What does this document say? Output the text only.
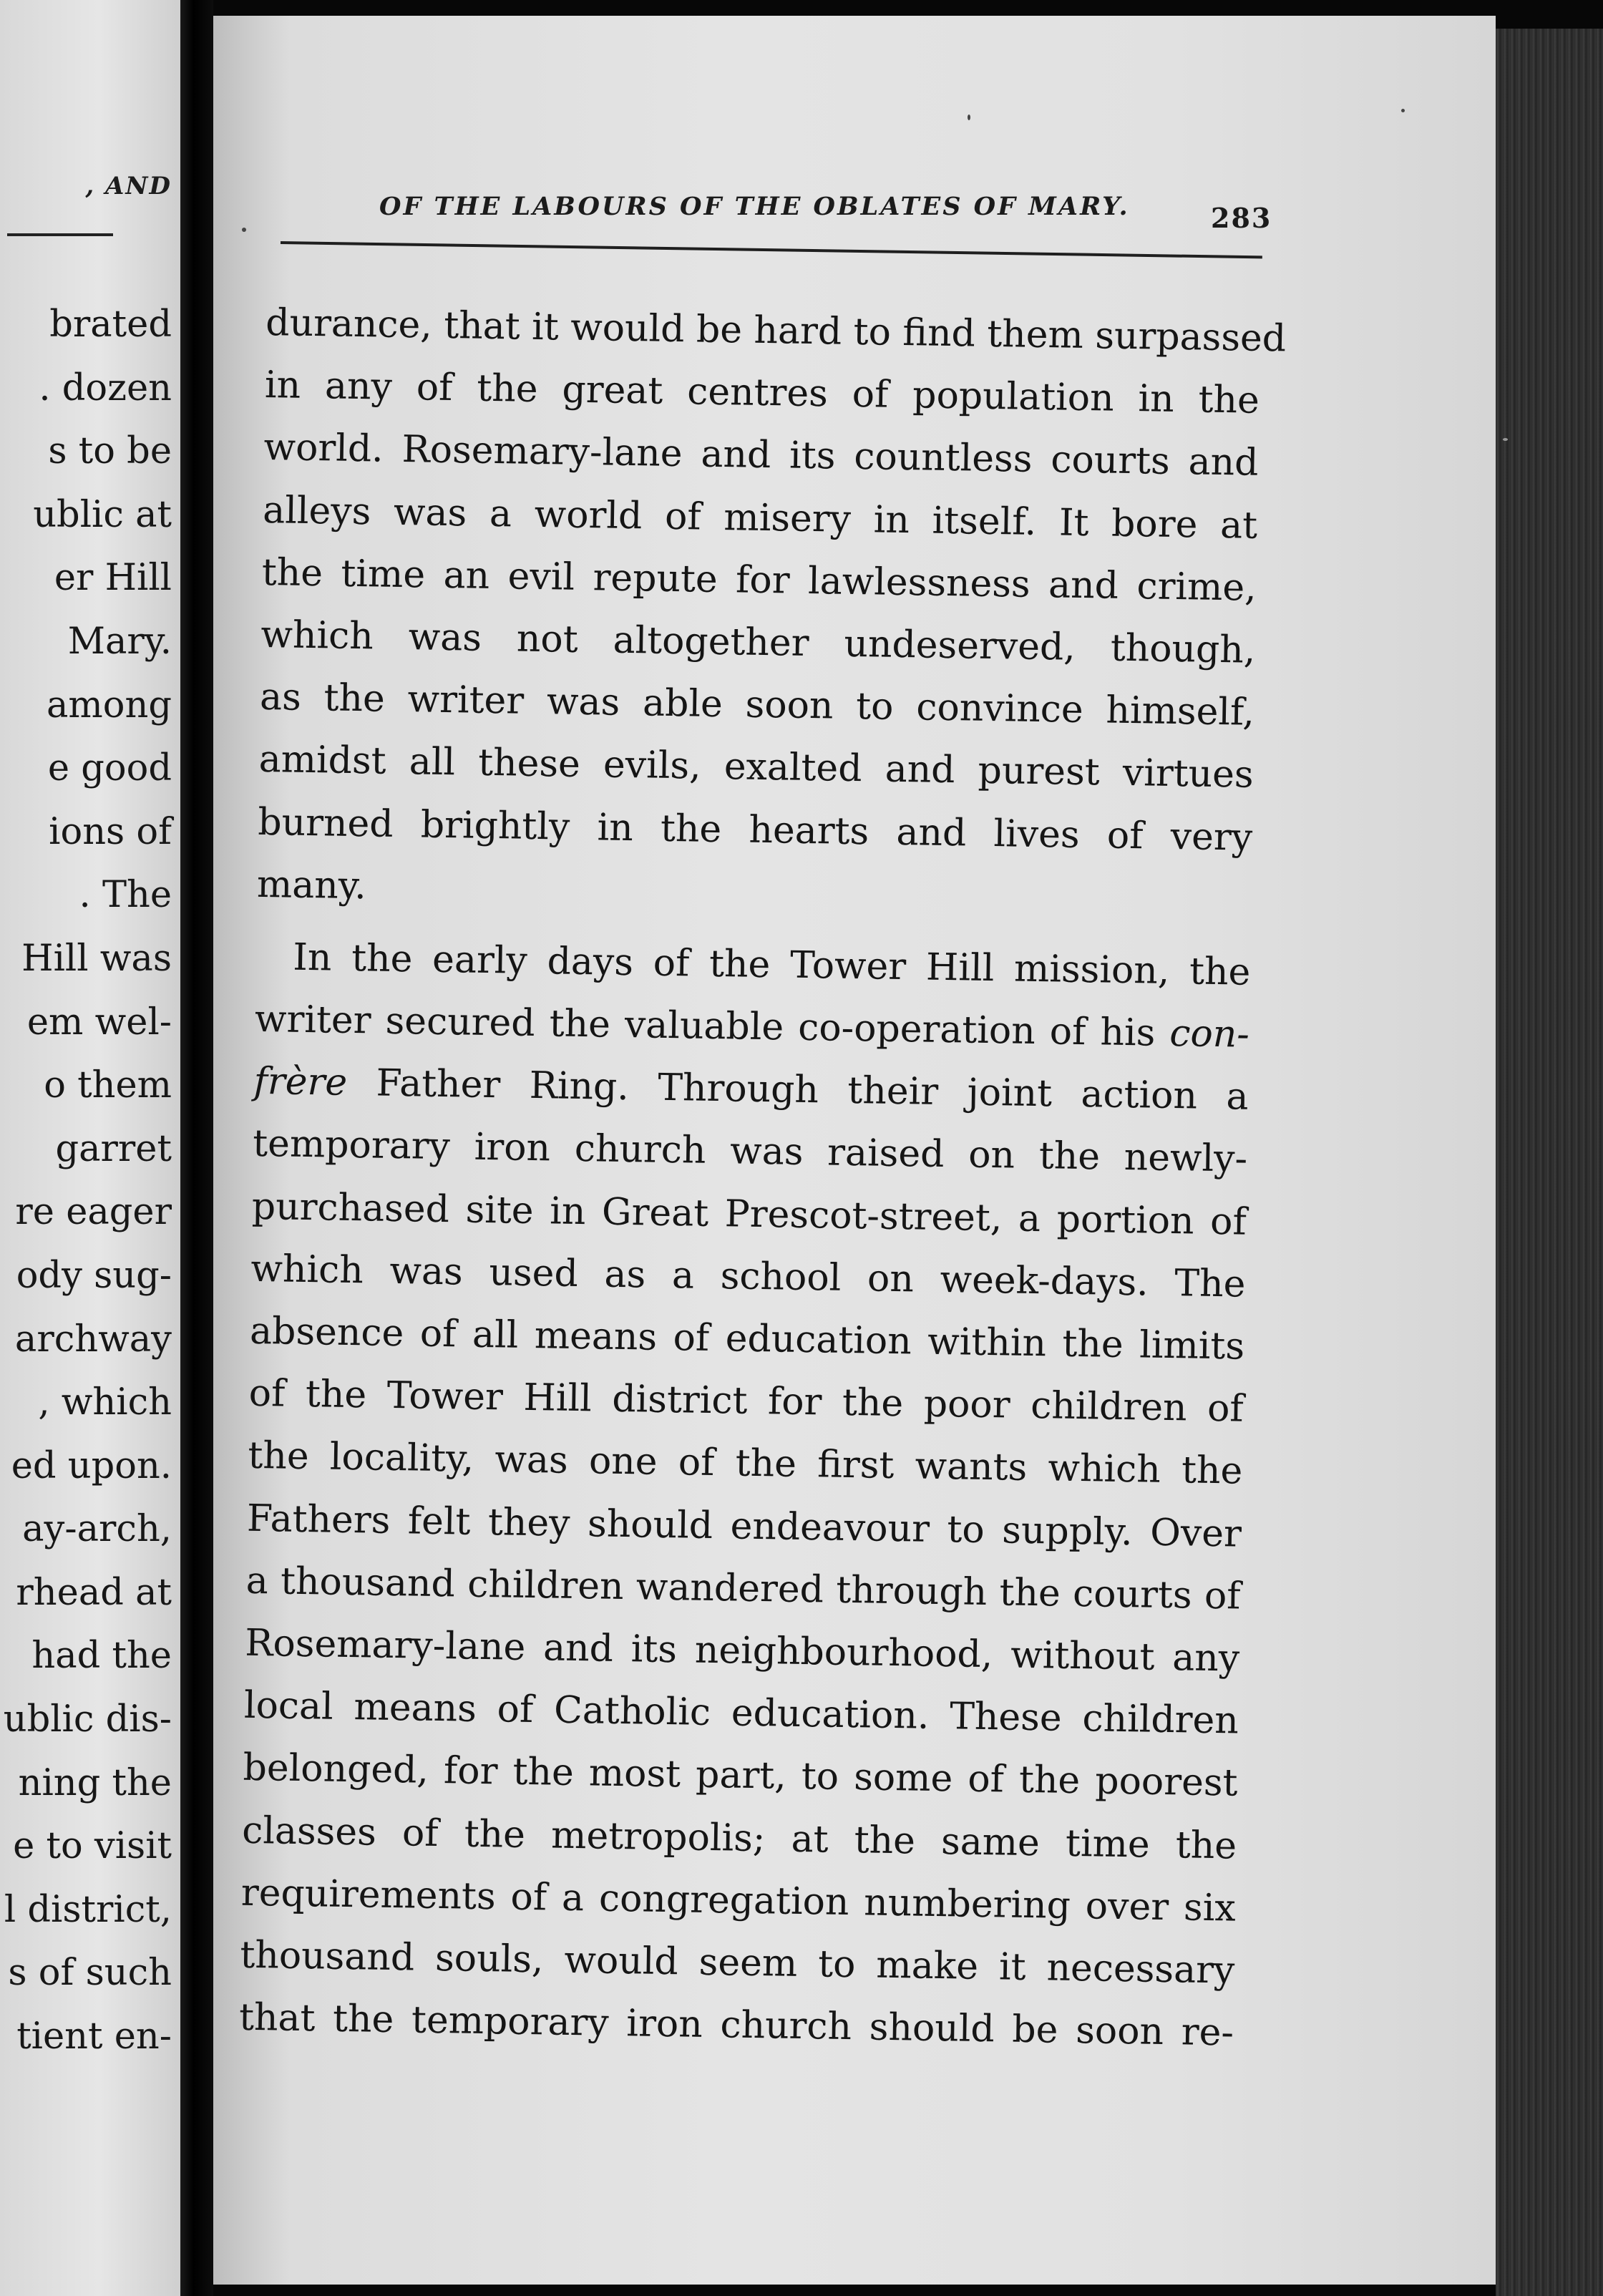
, AND
brated
. dozen
s to be
ublic at
er Hill
Mary.
among
e good
ions of
. The
Hill was
em wel-
o them
garret
re eager
ody sug-
archway
, which
ed upon.
ay-arch,
rhead at
had the
ublic dis-
ning the
e to visit
l district,
s of such
tient en-
OF THE LABOURS OF THE OBLATES OF MARY.	283
durance, that it would be hard to find them surpassed
in any of the great centres of population in the
world. Rosemary-lane and its countless courts and
alleys was a world of misery in itself. It bore at
the time an evil repute for lawlessness and crime,
which was not altogether undeserved, though,
as the writer was able soon to convince himself,
amidst all these evils, exalted and purest virtues
burned brightly in the hearts and lives of very
many.
In the early days of the Tower Hill mission, the
writer secured the valuable co-operation of his con-
frère Father Ring. Through their joint action a
temporary iron church was raised on the newly-
purchased site in Great Prescot-street, a portion of
which was used as a school on week-days. The
absence of all means of education within the limits
of the Tower Hill district for the poor children of
the locality, was one of the first wants which the
Fathers felt they should endeavour to supply. Over
a thousand children wandered through the courts of
Rosemary-lane and its neighbourhood, without any
local means of Catholic education. These children
belonged, for the most part, to some of the poorest
classes of the metropolis; at the same time the
requirements of a congregation numbering over six
thousand souls, would seem to make it necessary
that the temporary iron church should be soon re-
